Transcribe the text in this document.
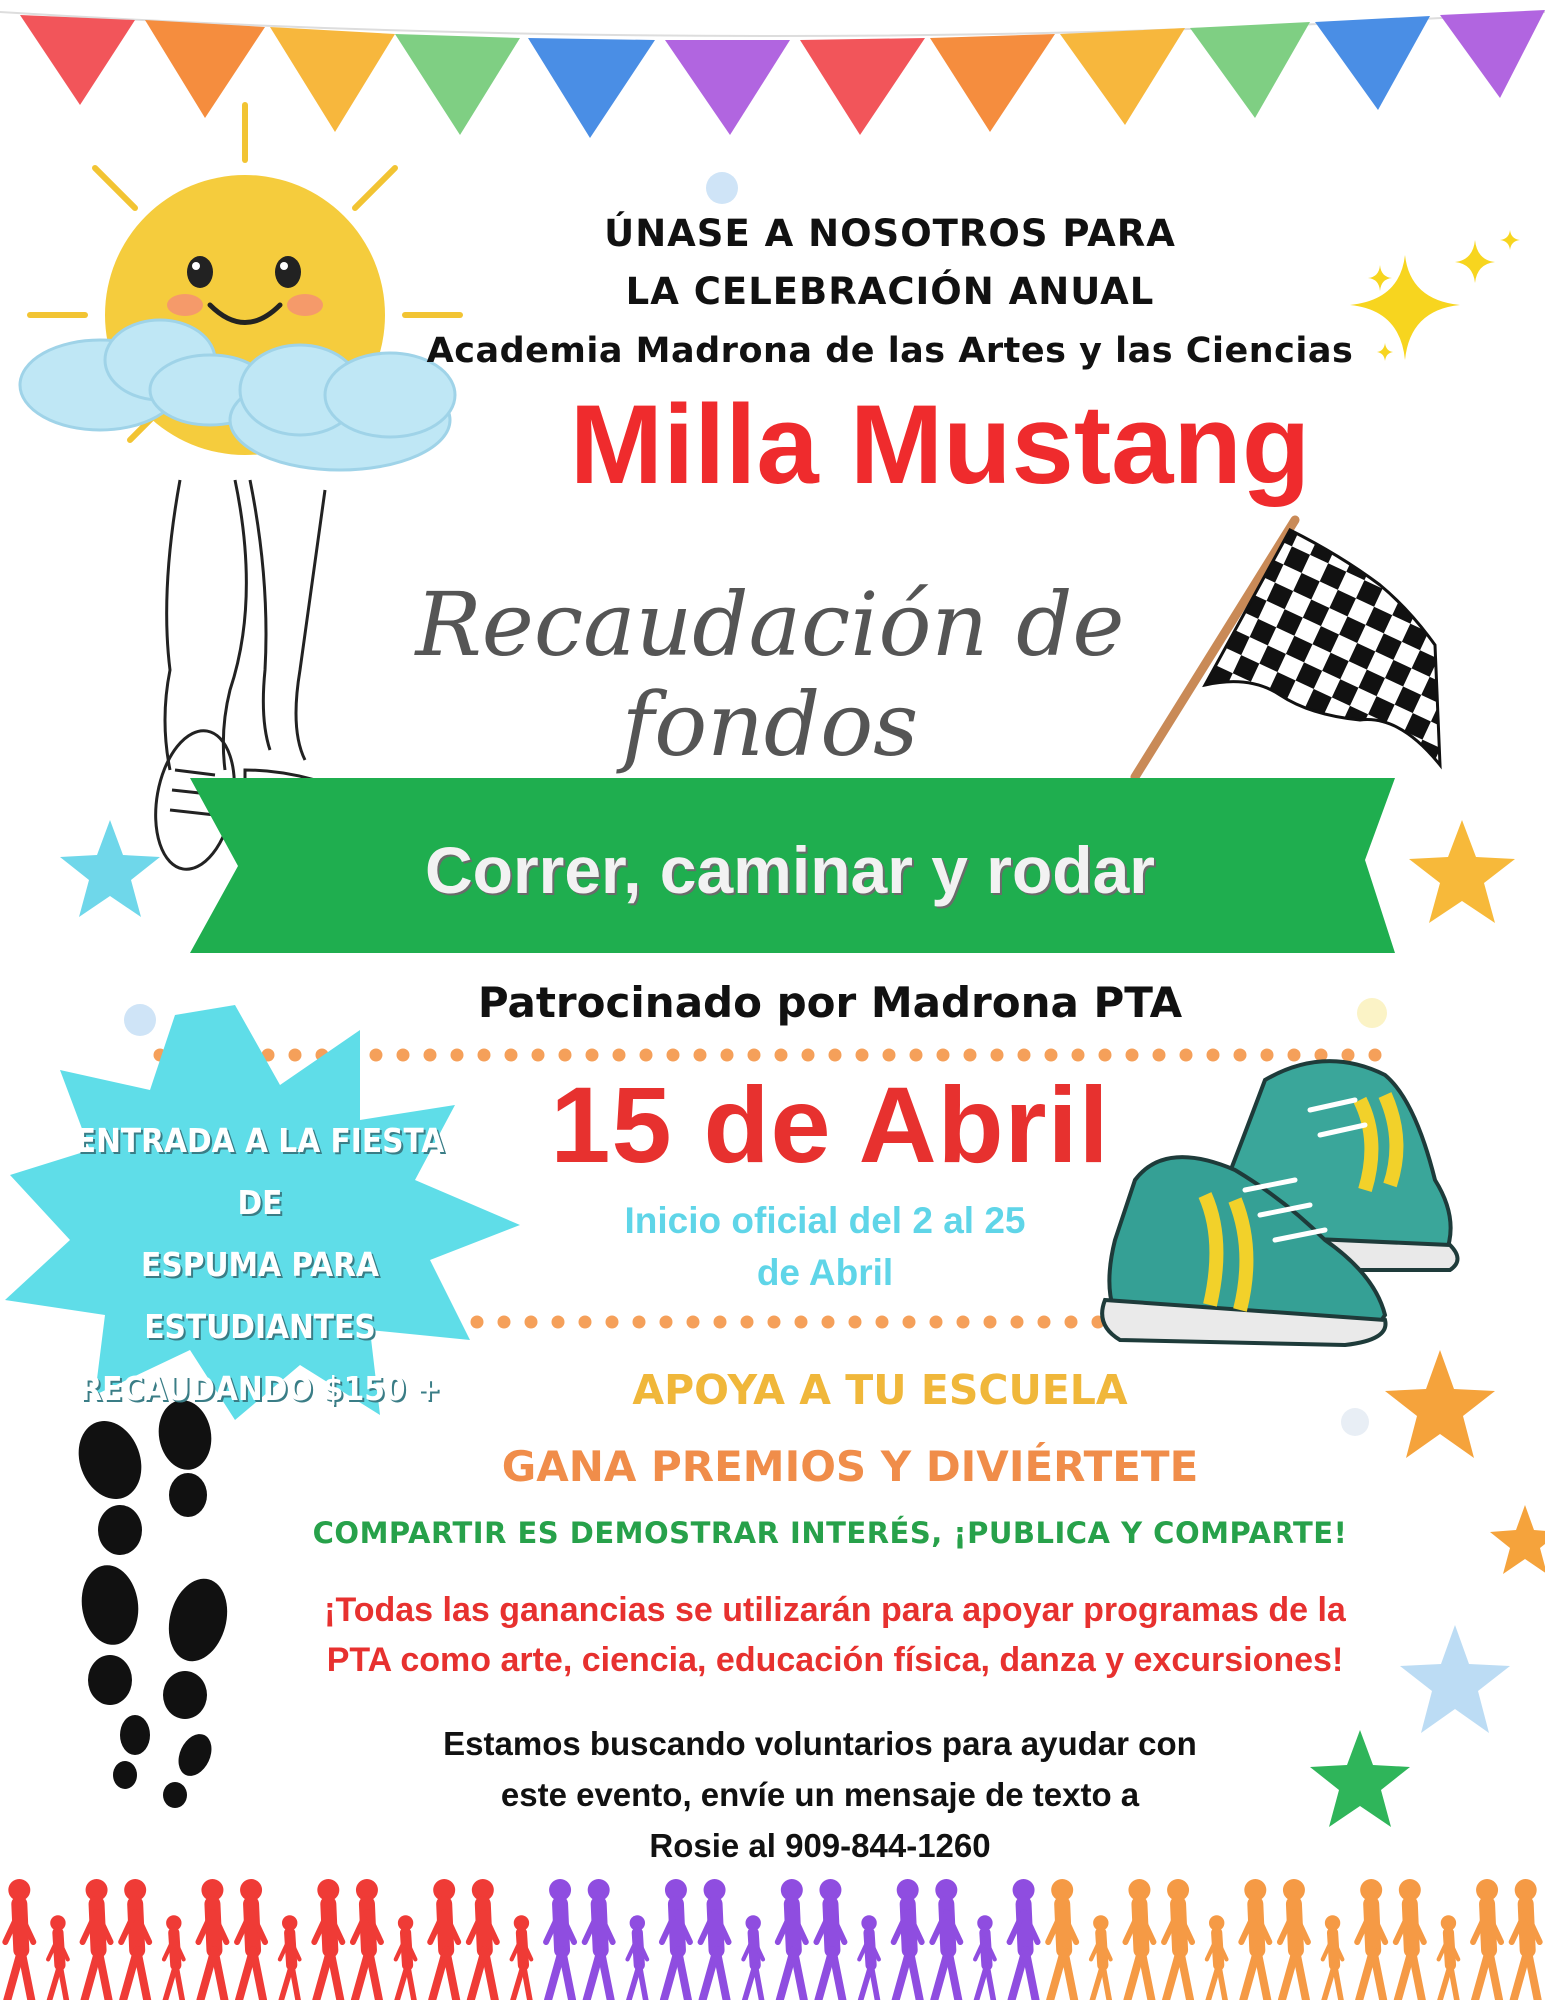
ÚNASE A NOSOTROS PARA
LA CELEBRACIÓN ANUAL
Academia Madrona de las Artes y las Ciencias
Milla Mustang
Recaudación de fondos
Correr, caminar y rodar
Patrocinado por Madrona PTA
ENTRADA A LA FIESTA DE
ESPUMA PARA
ESTUDIANTES
RECAUDANDO $150 +
15 de Abril
Inicio oficial del 2 al 25
de Abril
APOYA A TU ESCUELA
GANA PREMIOS Y DIVIÉRTETE
COMPARTIR ES DEMOSTRAR INTERÉS, ¡PUBLICA Y COMPARTE!
¡Todas las ganancias se utilizarán para apoyar programas de la
PTA como arte, ciencia, educación física, danza y excursiones!
Estamos buscando voluntarios para ayudar con
este evento, envíe un mensaje de texto a
Rosie al 909-844-1260
